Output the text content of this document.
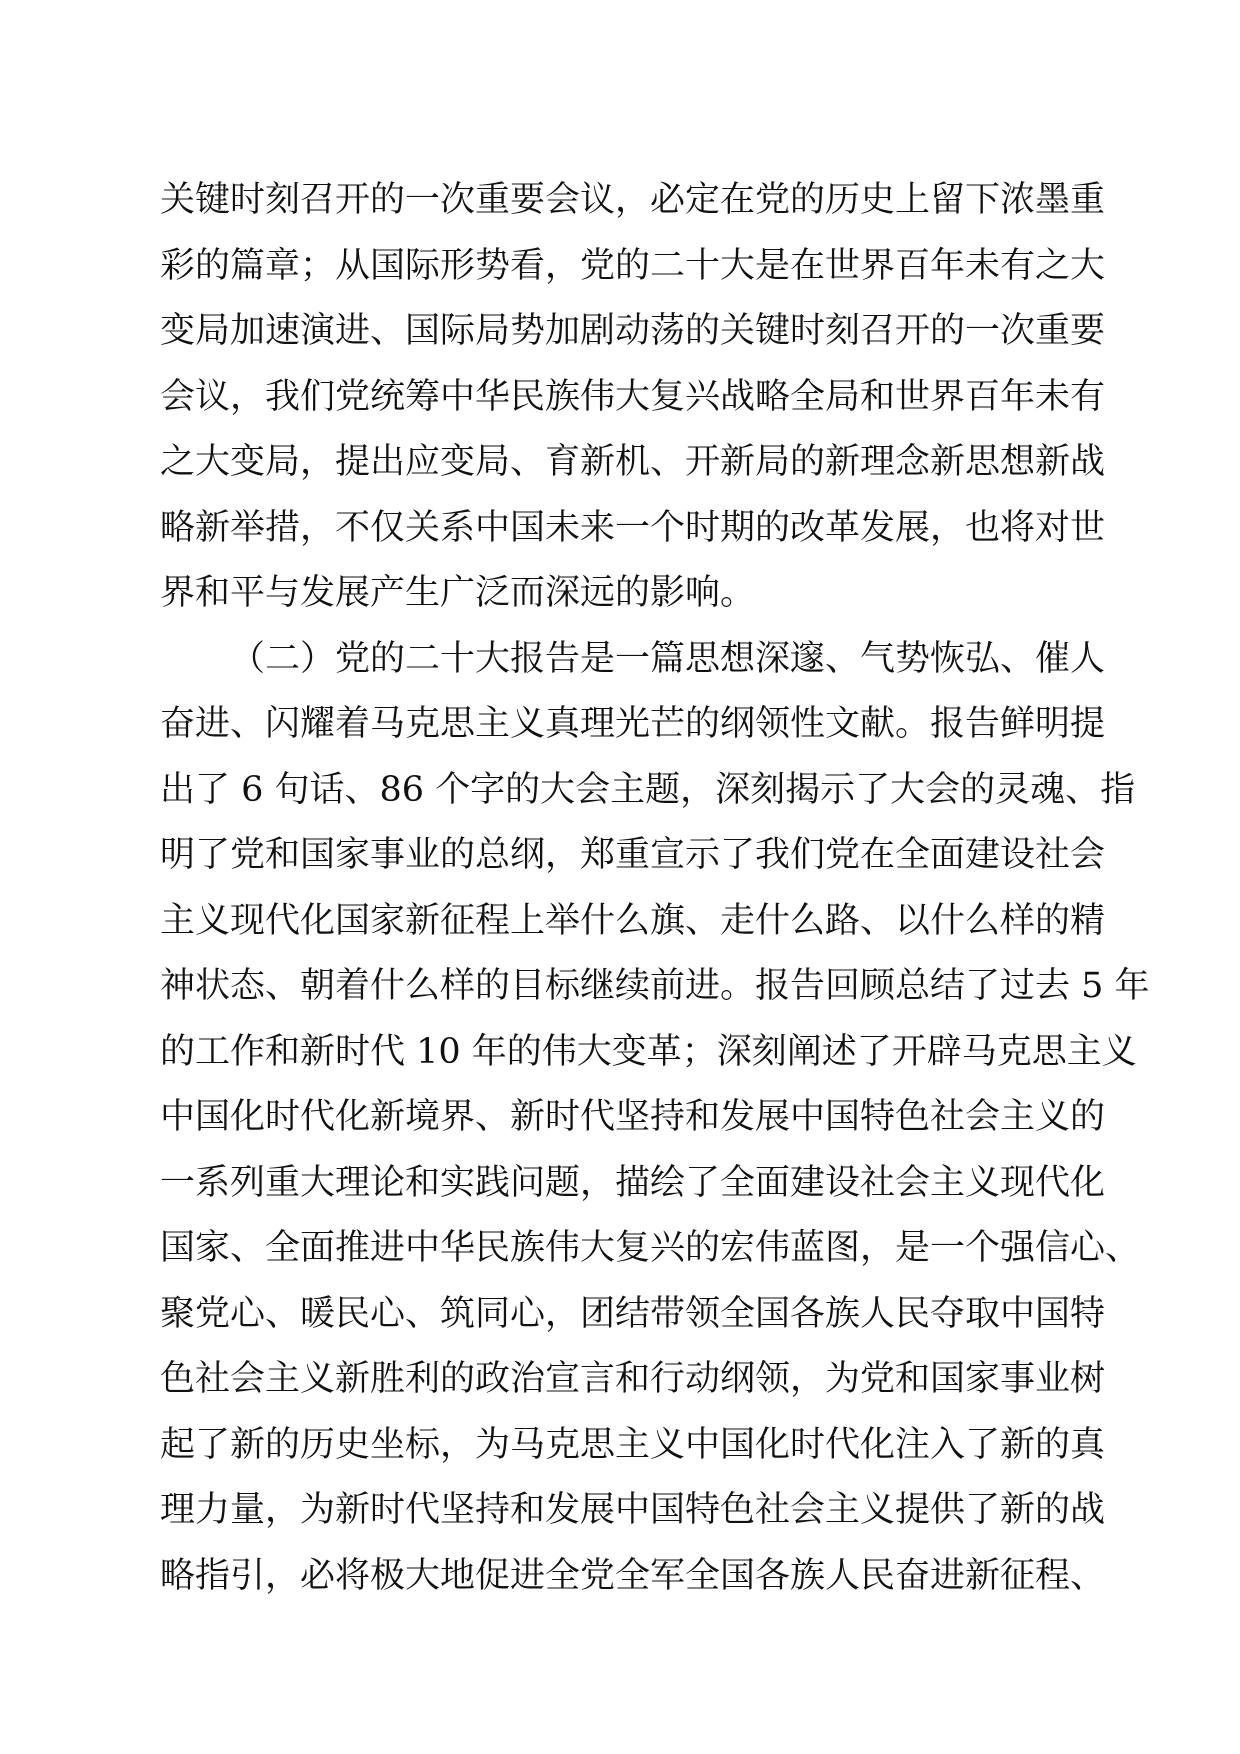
关键时刻召开的一次重要会议，必定在党的历史上留下浓墨重
彩的篇章；从国际形势看，党的二十大是在世界百年未有之大
变局加速演进、国际局势加剧动荡的关键时刻召开的一次重要
会议，我们党统筹中华民族伟大复兴战略全局和世界百年未有
之大变局，提出应变局、育新机、开新局的新理念新思想新战
略新举措，不仅关系中国未来一个时期的改革发展，也将对世
界和平与发展产生广泛而深远的影响。
（二）党的二十大报告是一篇思想深邃、气势恢弘、催人
奋进、闪耀着马克思主义真理光芒的纲领性文献。报告鲜明提
出了 6 句话、86 个字的大会主题，深刻揭示了大会的灵魂、指
明了党和国家事业的总纲，郑重宣示了我们党在全面建设社会
主义现代化国家新征程上举什么旗、走什么路、以什么样的精
神状态、朝着什么样的目标继续前进。报告回顾总结了过去 5 年
的工作和新时代 10 年的伟大变革；深刻阐述了开辟马克思主义
中国化时代化新境界、新时代坚持和发展中国特色社会主义的
一系列重大理论和实践问题，描绘了全面建设社会主义现代化
国家、全面推进中华民族伟大复兴的宏伟蓝图，是一个强信心、
聚党心、暖民心、筑同心，团结带领全国各族人民夺取中国特
色社会主义新胜利的政治宣言和行动纲领，为党和国家事业树
起了新的历史坐标，为马克思主义中国化时代化注入了新的真
理力量，为新时代坚持和发展中国特色社会主义提供了新的战
略指引，必将极大地促进全党全军全国各族人民奋进新征程、
